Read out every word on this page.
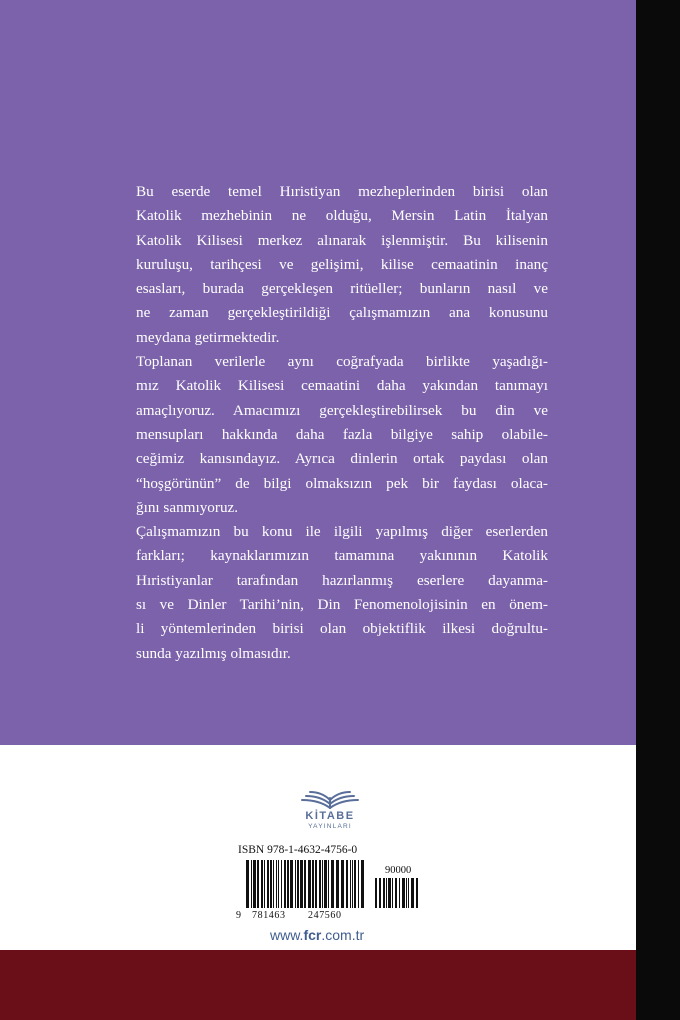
Bu eserde temel Hıristiyan mezheplerinden birisi olan

Katolik mezhebinin ne olduğu, Mersin Latin İtalyan

Katolik Kilisesi merkez alınarak işlenmiştir. Bu kilisenin

kuruluşu, tarihçesi ve gelişimi, kilise cemaatinin inanç

esasları, burada gerçekleşen ritüeller; bunların nasıl ve

ne zaman gerçekleştirildiği çalışmamızın ana konusunu

meydana getirmektedir.

Toplanan verilerle aynı coğrafyada birlikte yaşadığı-

mız Katolik Kilisesi cemaatini daha yakından tanımayı

amaçlıyoruz. Amacımızı gerçekleştirebilirsek bu din ve

mensupları hakkında daha fazla bilgiye sahip olabile-

ceğimiz kanısındayız. Ayrıca dinlerin ortak paydası olan

“hoşgörünün” de bilgi olmaksızın pek bir faydası olaca-

ğını sanmıyoruz.

Çalışmamızın bu konu ile ilgili yapılmış diğer eserlerden

farkları; kaynaklarımızın tamamına yakınının Katolik

Hıristiyanlar tarafından hazırlanmış eserlere dayanma-

sı ve Dinler Tarihi’nin, Din Fenomenolojisinin en önem-

li yöntemlerinden birisi olan objektiflik ilkesi doğrultu-

sunda yazılmış olmasıdır.

KİTABE
YAYINLARI
ISBN 978-1-4632-4756-0
9 781463 247560
90000
www.fcr.com.tr
